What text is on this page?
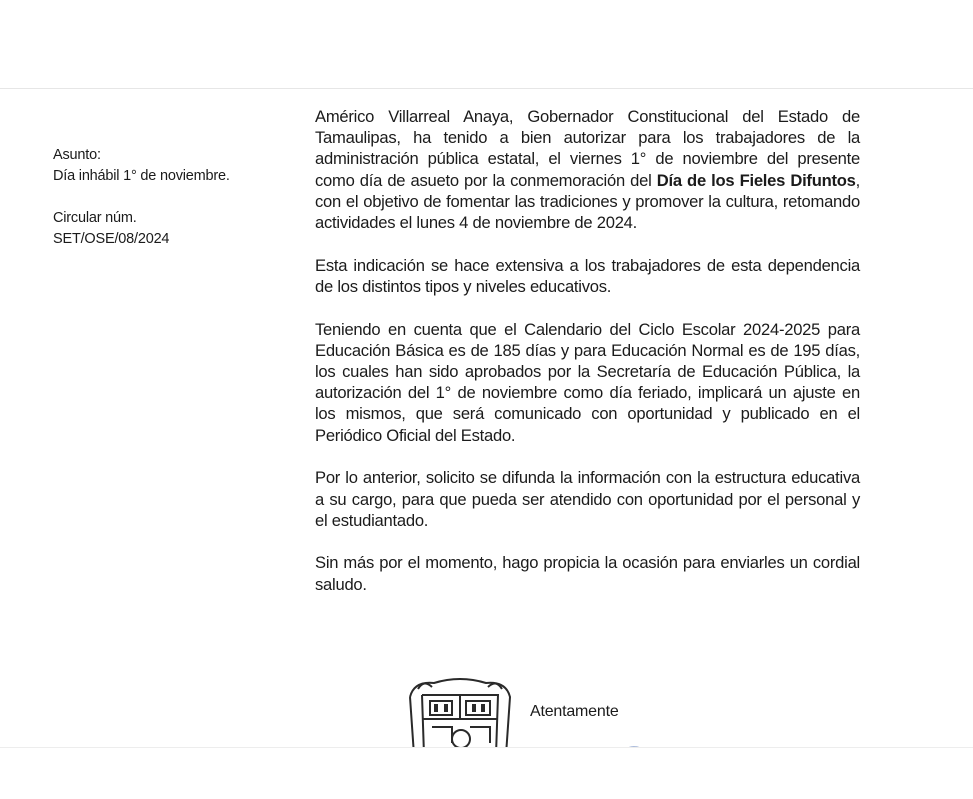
Asunto:
Día inhábil 1° de noviembre.
Circular núm.
SET/OSE/08/2024

Américo Villarreal Anaya, Gobernador Constitucional del Estado de Tamaulipas, ha tenido a bien autorizar para los trabajadores de la administración pública estatal, el viernes 1° de noviembre del presente como día de asueto por la conmemoración del Día de los Fieles Difuntos, con el objetivo de fomentar las tradiciones y promover la cultura, retomando actividades el lunes 4 de noviembre de 2024.

Esta indicación se hace extensiva a los trabajadores de esta dependencia de los distintos tipos y niveles educativos.

Teniendo en cuenta que el Calendario del Ciclo Escolar 2024-2025 para Educación Básica es de 185 días y para Educación Normal es de 195 días, los cuales han sido aprobados por la Secretaría de Educación Pública, la autorización del 1° de noviembre como día feriado, implicará un ajuste en los mismos, que será comunicado con oportunidad y publicado en el Periódico Oficial del Estado.

Por lo anterior, solicito se difunda la información con la estructura educativa a su cargo, para que pueda ser atendido con oportunidad por el personal y el estudiantado.

Sin más por el momento, hago propicia la ocasión para enviarles un cordial saludo.

Atentamente
